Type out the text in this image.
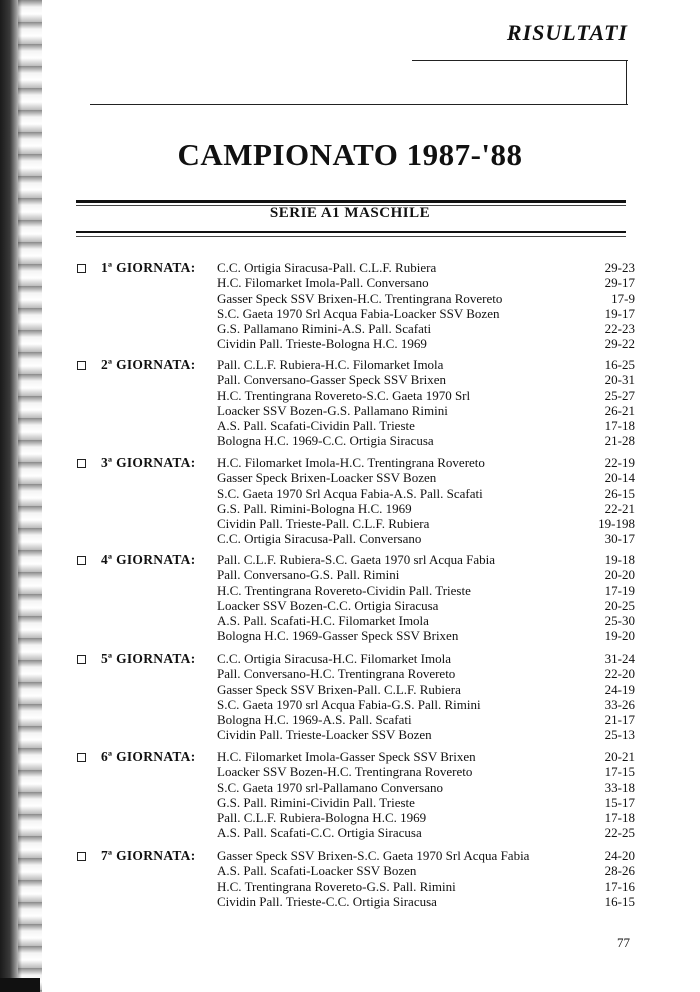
RISULTATI
CAMPIONATO 1987-'88
SERIE A1 MASCHILE
1ª GIORNATA: C.C. Ortigia Siracusa-Pall. C.L.F. Rubiera	29-23
H.C. Filomarket Imola-Pall. Conversano	29-17
Gasser Speck SSV Brixen-H.C. Trentingrana Rovereto	17-9
S.C. Gaeta 1970 Srl Acqua Fabia-Loacker SSV Bozen	19-17
G.S. Pallamano Rimini-A.S. Pall. Scafati	22-23
Cividin Pall. Trieste-Bologna H.C. 1969	29-22
2ª GIORNATA: Pall. C.L.F. Rubiera-H.C. Filomarket Imola	16-25
Pall. Conversano-Gasser Speck SSV Brixen	20-31
H.C. Trentingrana Rovereto-S.C. Gaeta 1970 Srl	25-27
Loacker SSV Bozen-G.S. Pallamano Rimini	26-21
A.S. Pall. Scafati-Cividin Pall. Trieste	17-18
Bologna H.C. 1969-C.C. Ortigia Siracusa	21-28
3ª GIORNATA: H.C. Filomarket Imola-H.C. Trentingrana Rovereto	22-19
Gasser Speck Brixen-Loacker SSV Bozen	20-14
S.C. Gaeta 1970 Srl Acqua Fabia-A.S. Pall. Scafati	26-15
G.S. Pall. Rimini-Bologna H.C. 1969	22-21
Cividin Pall. Trieste-Pall. C.L.F. Rubiera	19-198
C.C. Ortigia Siracusa-Pall. Conversano	30-17
4ª GIORNATA: Pall. C.L.F. Rubiera-S.C. Gaeta 1970 srl Acqua Fabia	19-18
Pall. Conversano-G.S. Pall. Rimini	20-20
H.C. Trentingrana Rovereto-Cividin Pall. Trieste	17-19
Loacker SSV Bozen-C.C. Ortigia Siracusa	20-25
A.S. Pall. Scafati-H.C. Filomarket Imola	25-30
Bologna H.C. 1969-Gasser Speck SSV Brixen	19-20
5ª GIORNATA: C.C. Ortigia Siracusa-H.C. Filomarket Imola	31-24
Pall. Conversano-H.C. Trentingrana Rovereto	22-20
Gasser Speck SSV Brixen-Pall. C.L.F. Rubiera	24-19
S.C. Gaeta 1970 srl Acqua Fabia-G.S. Pall. Rimini	33-26
Bologna H.C. 1969-A.S. Pall. Scafati	21-17
Cividin Pall. Trieste-Loacker SSV Bozen	25-13
6ª GIORNATA: H.C. Filomarket Imola-Gasser Speck SSV Brixen	20-21
Loacker SSV Bozen-H.C. Trentingrana Rovereto	17-15
S.C. Gaeta 1970 srl-Pallamano Conversano	33-18
G.S. Pall. Rimini-Cividin Pall. Trieste	15-17
Pall. C.L.F. Rubiera-Bologna H.C. 1969	17-18
A.S. Pall. Scafati-C.C. Ortigia Siracusa	22-25
7ª GIORNATA: Gasser Speck SSV Brixen-S.C. Gaeta 1970 Srl Acqua Fabia	24-20
A.S. Pall. Scafati-Loacker SSV Bozen	28-26
H.C. Trentingrana Rovereto-G.S. Pall. Rimini	17-16
Cividin Pall. Trieste-C.C. Ortigia Siracusa	16-15
77
